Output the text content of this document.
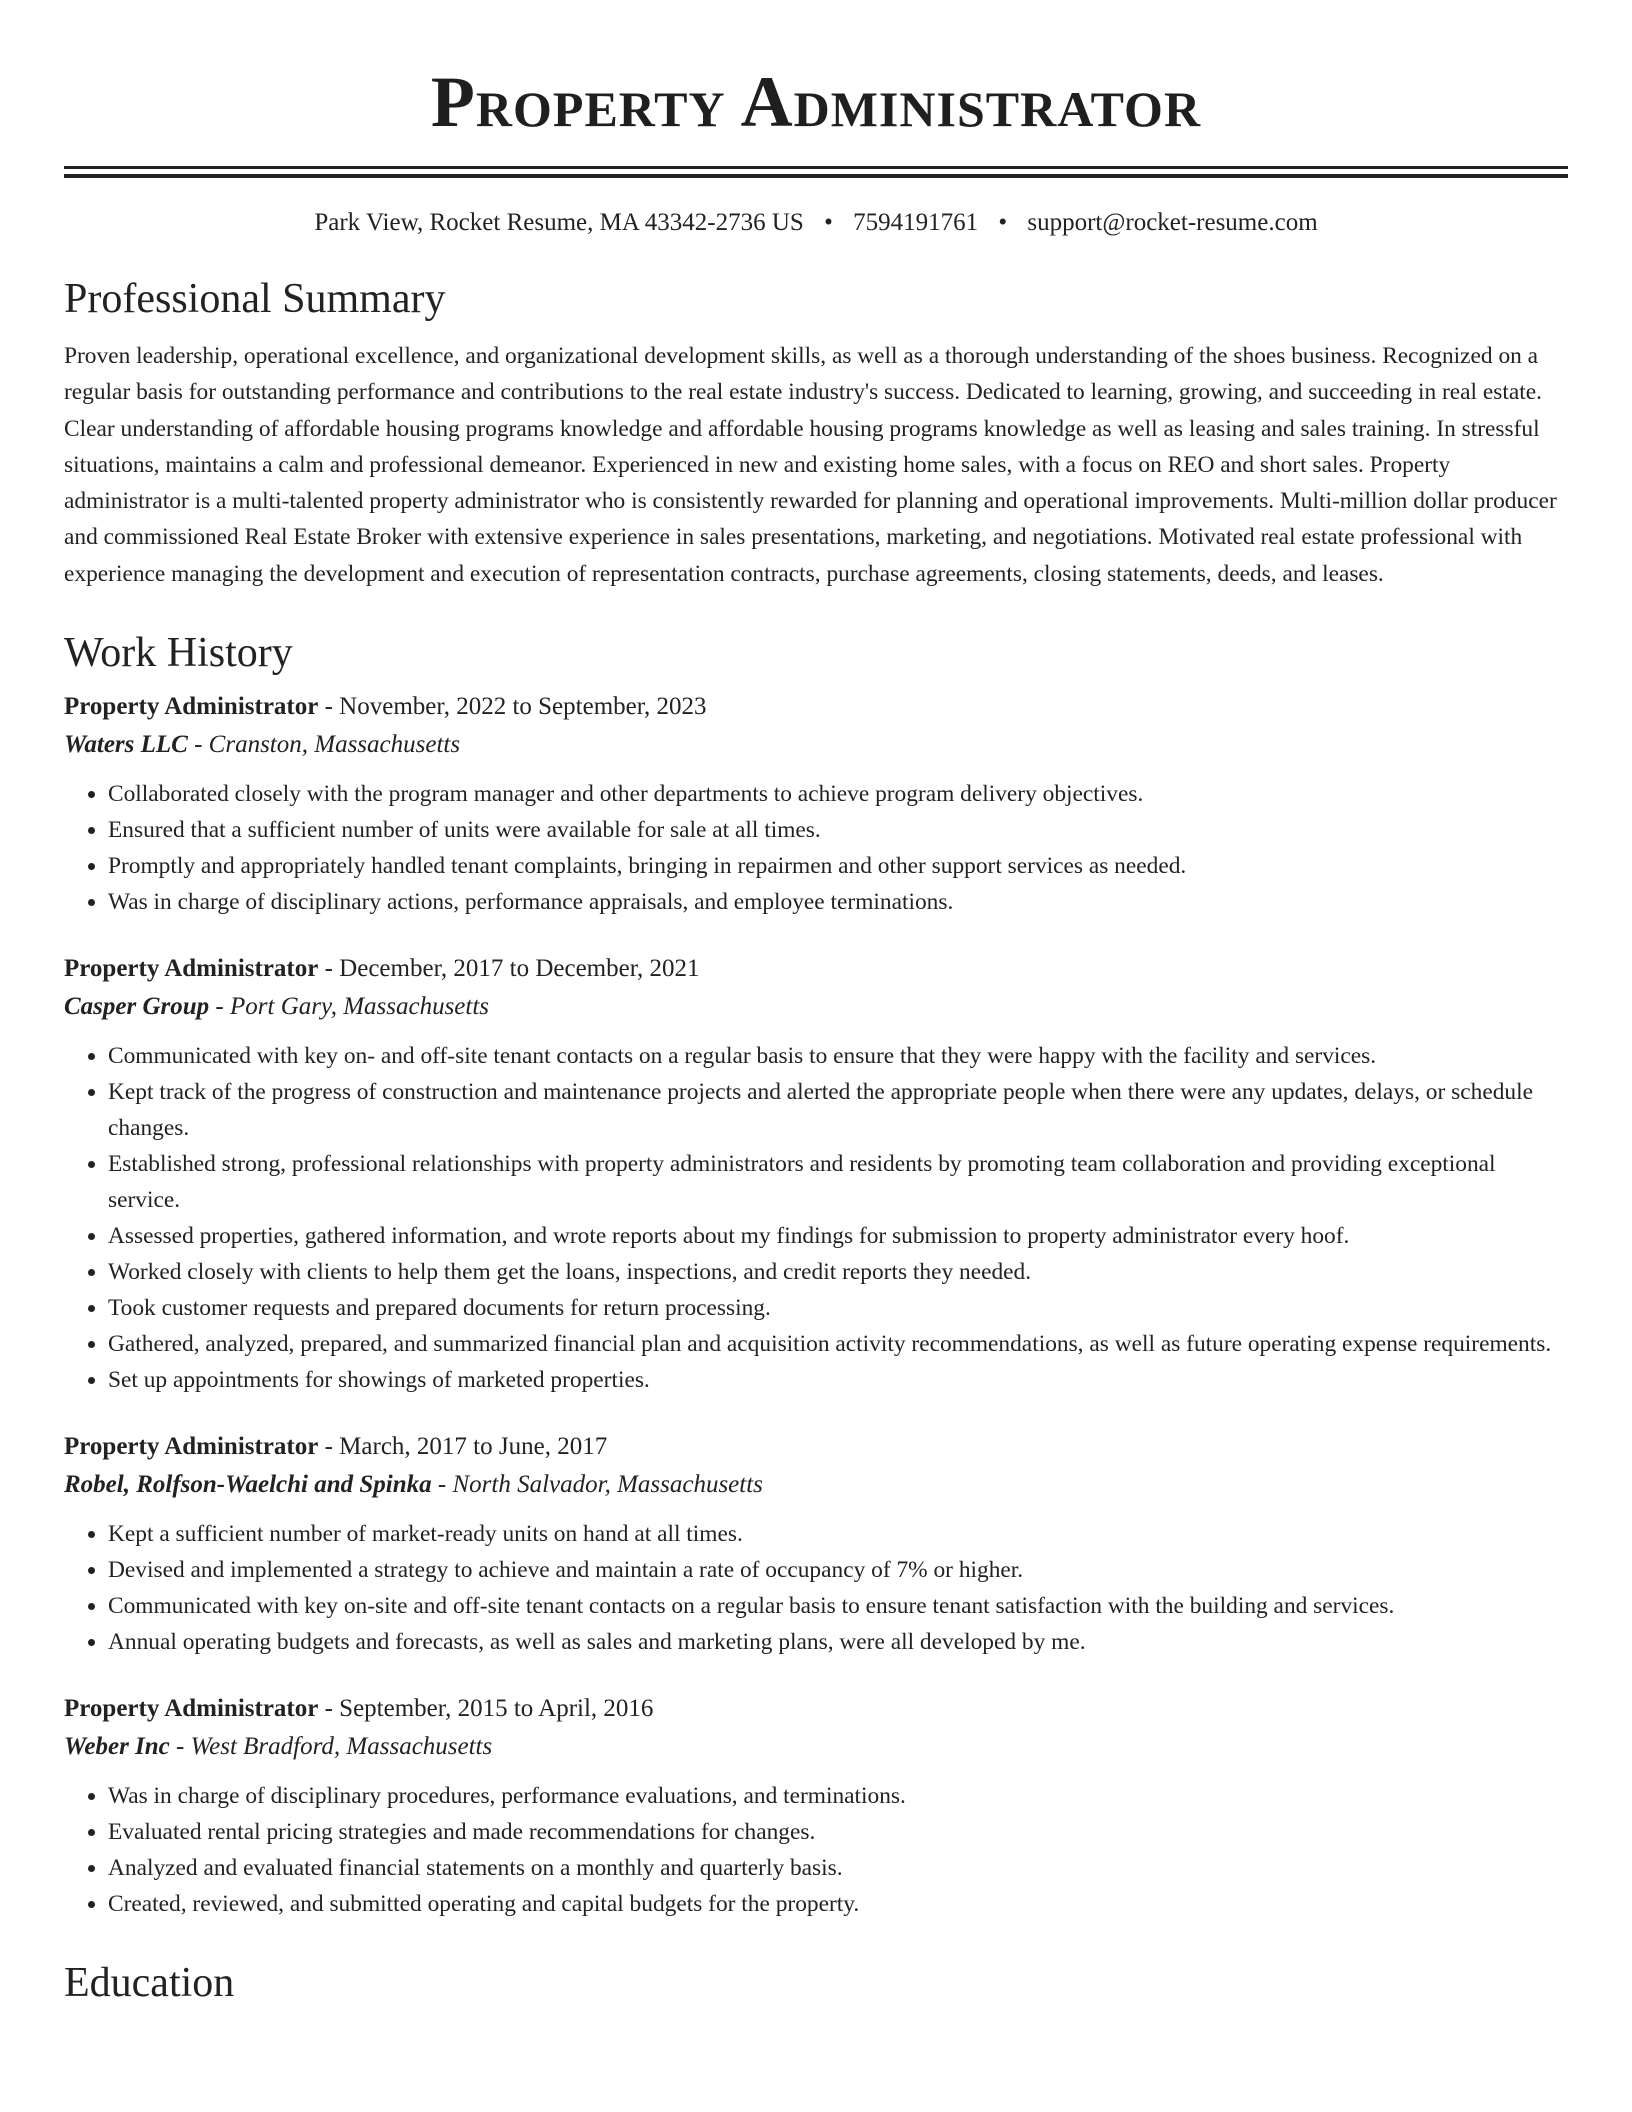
Property Administrator
Park View, Rocket Resume, MA 43342-2736 US • 7594191761 • support@rocket-resume.com
Professional Summary
Proven leadership, operational excellence, and organizational development skills, as well as a thorough understanding of the shoes business. Recognized on a regular basis for outstanding performance and contributions to the real estate industry's success. Dedicated to learning, growing, and succeeding in real estate. Clear understanding of affordable housing programs knowledge and affordable housing programs knowledge as well as leasing and sales training. In stressful situations, maintains a calm and professional demeanor. Experienced in new and existing home sales, with a focus on REO and short sales. Property administrator is a multi-talented property administrator who is consistently rewarded for planning and operational improvements. Multi-million dollar producer and commissioned Real Estate Broker with extensive experience in sales presentations, marketing, and negotiations. Motivated real estate professional with experience managing the development and execution of representation contracts, purchase agreements, closing statements, deeds, and leases.
Work History
Property Administrator - November, 2022 to September, 2023
Waters LLC - Cranston, Massachusetts
• Collaborated closely with the program manager and other departments to achieve program delivery objectives.
• Ensured that a sufficient number of units were available for sale at all times.
• Promptly and appropriately handled tenant complaints, bringing in repairmen and other support services as needed.
• Was in charge of disciplinary actions, performance appraisals, and employee terminations.
Property Administrator - December, 2017 to December, 2021
Casper Group - Port Gary, Massachusetts
• Communicated with key on- and off-site tenant contacts on a regular basis to ensure that they were happy with the facility and services.
• Kept track of the progress of construction and maintenance projects and alerted the appropriate people when there were any updates, delays, or schedule changes.
• Established strong, professional relationships with property administrators and residents by promoting team collaboration and providing exceptional service.
• Assessed properties, gathered information, and wrote reports about my findings for submission to property administrator every hoof.
• Worked closely with clients to help them get the loans, inspections, and credit reports they needed.
• Took customer requests and prepared documents for return processing.
• Gathered, analyzed, prepared, and summarized financial plan and acquisition activity recommendations, as well as future operating expense requirements.
• Set up appointments for showings of marketed properties.
Property Administrator - March, 2017 to June, 2017
Robel, Rolfson-Waelchi and Spinka - North Salvador, Massachusetts
• Kept a sufficient number of market-ready units on hand at all times.
• Devised and implemented a strategy to achieve and maintain a rate of occupancy of 7% or higher.
• Communicated with key on-site and off-site tenant contacts on a regular basis to ensure tenant satisfaction with the building and services.
• Annual operating budgets and forecasts, as well as sales and marketing plans, were all developed by me.
Property Administrator - September, 2015 to April, 2016
Weber Inc - West Bradford, Massachusetts
• Was in charge of disciplinary procedures, performance evaluations, and terminations.
• Evaluated rental pricing strategies and made recommendations for changes.
• Analyzed and evaluated financial statements on a monthly and quarterly basis.
• Created, reviewed, and submitted operating and capital budgets for the property.
Education
